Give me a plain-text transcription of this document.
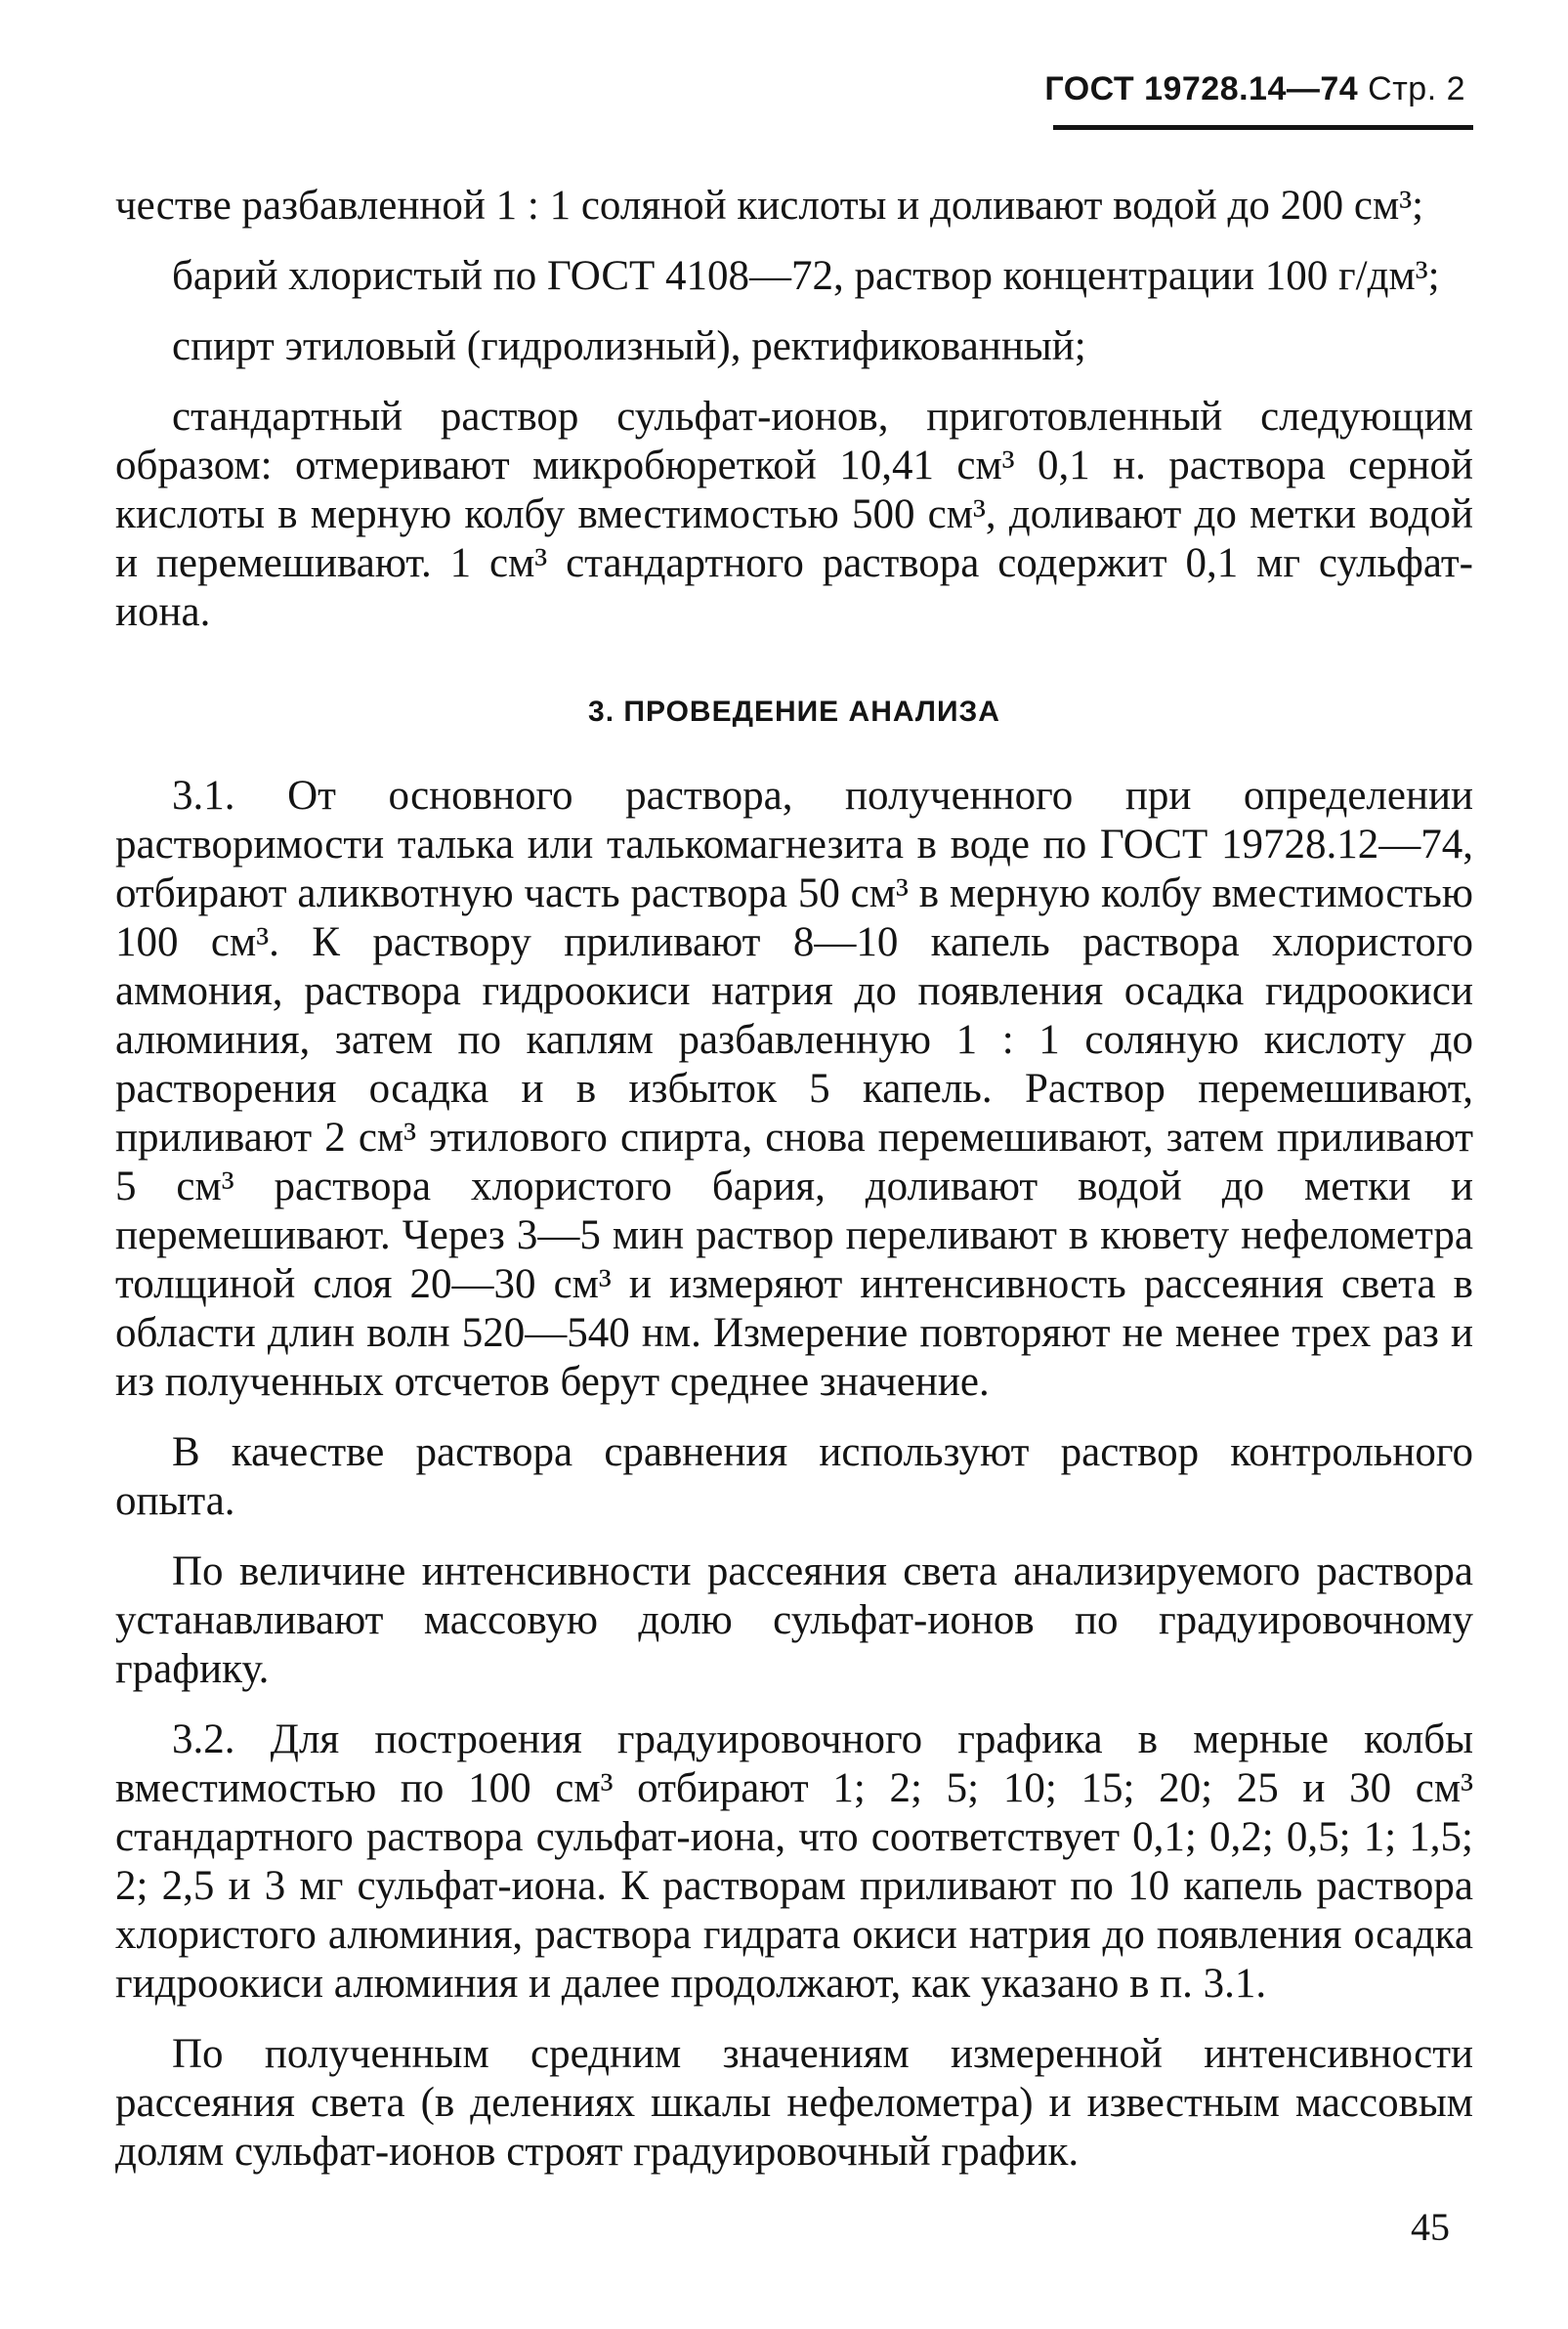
ГОСТ 19728.14—74 Стр. 2

честве разбавленной 1 : 1 соляной кислоты и доливают водой до 200 см³;

барий хлористый по ГОСТ 4108—72, раствор концентрации 100 г/дм³;

спирт этиловый (гидролизный), ректификованный;

стандартный раствор сульфат-ионов, приготовленный следующим образом: отмеривают микробюреткой 10,41 см³ 0,1 н. раствора серной кислоты в мерную колбу вместимостью 500 см³, доливают до метки водой и перемешивают. 1 см³ стандартного раствора содержит 0,1 мг сульфат-иона.

3. ПРОВЕДЕНИЕ АНАЛИЗА

3.1. От основного раствора, полученного при определении растворимости талька или талькомагнезита в воде по ГОСТ 19728.12—74, отбирают аликвотную часть раствора 50 см³ в мерную колбу вместимостью 100 см³. К раствору приливают 8—10 капель раствора хлористого аммония, раствора гидроокиси натрия до появления осадка гидроокиси алюминия, затем по каплям разбавленную 1 : 1 соляную кислоту до растворения осадка и в избыток 5 капель. Раствор перемешивают, приливают 2 см³ этилового спирта, снова перемешивают, затем приливают 5 см³ раствора хлористого бария, доливают водой до метки и перемешивают. Через 3—5 мин раствор переливают в кювету нефелометра толщиной слоя 20—30 см³ и измеряют интенсивность рассеяния света в области длин волн 520—540 нм. Измерение повторяют не менее трех раз и из полученных отсчетов берут среднее значение.

В качестве раствора сравнения используют раствор контрольного опыта.

По величине интенсивности рассеяния света анализируемого раствора устанавливают массовую долю сульфат-ионов по градуировочному графику.

3.2. Для построения градуировочного графика в мерные колбы вместимостью по 100 см³ отбирают 1; 2; 5; 10; 15; 20; 25 и 30 см³ стандартного раствора сульфат-иона, что соответствует 0,1; 0,2; 0,5; 1; 1,5; 2; 2,5 и 3 мг сульфат-иона. К растворам приливают по 10 капель раствора хлористого алюминия, раствора гидрата окиси натрия до появления осадка гидроокиси алюминия и далее продолжают, как указано в п. 3.1.

По полученным средним значениям измеренной интенсивности рассеяния света (в делениях шкалы нефелометра) и известным массовым долям сульфат-ионов строят градуировочный график.

45
